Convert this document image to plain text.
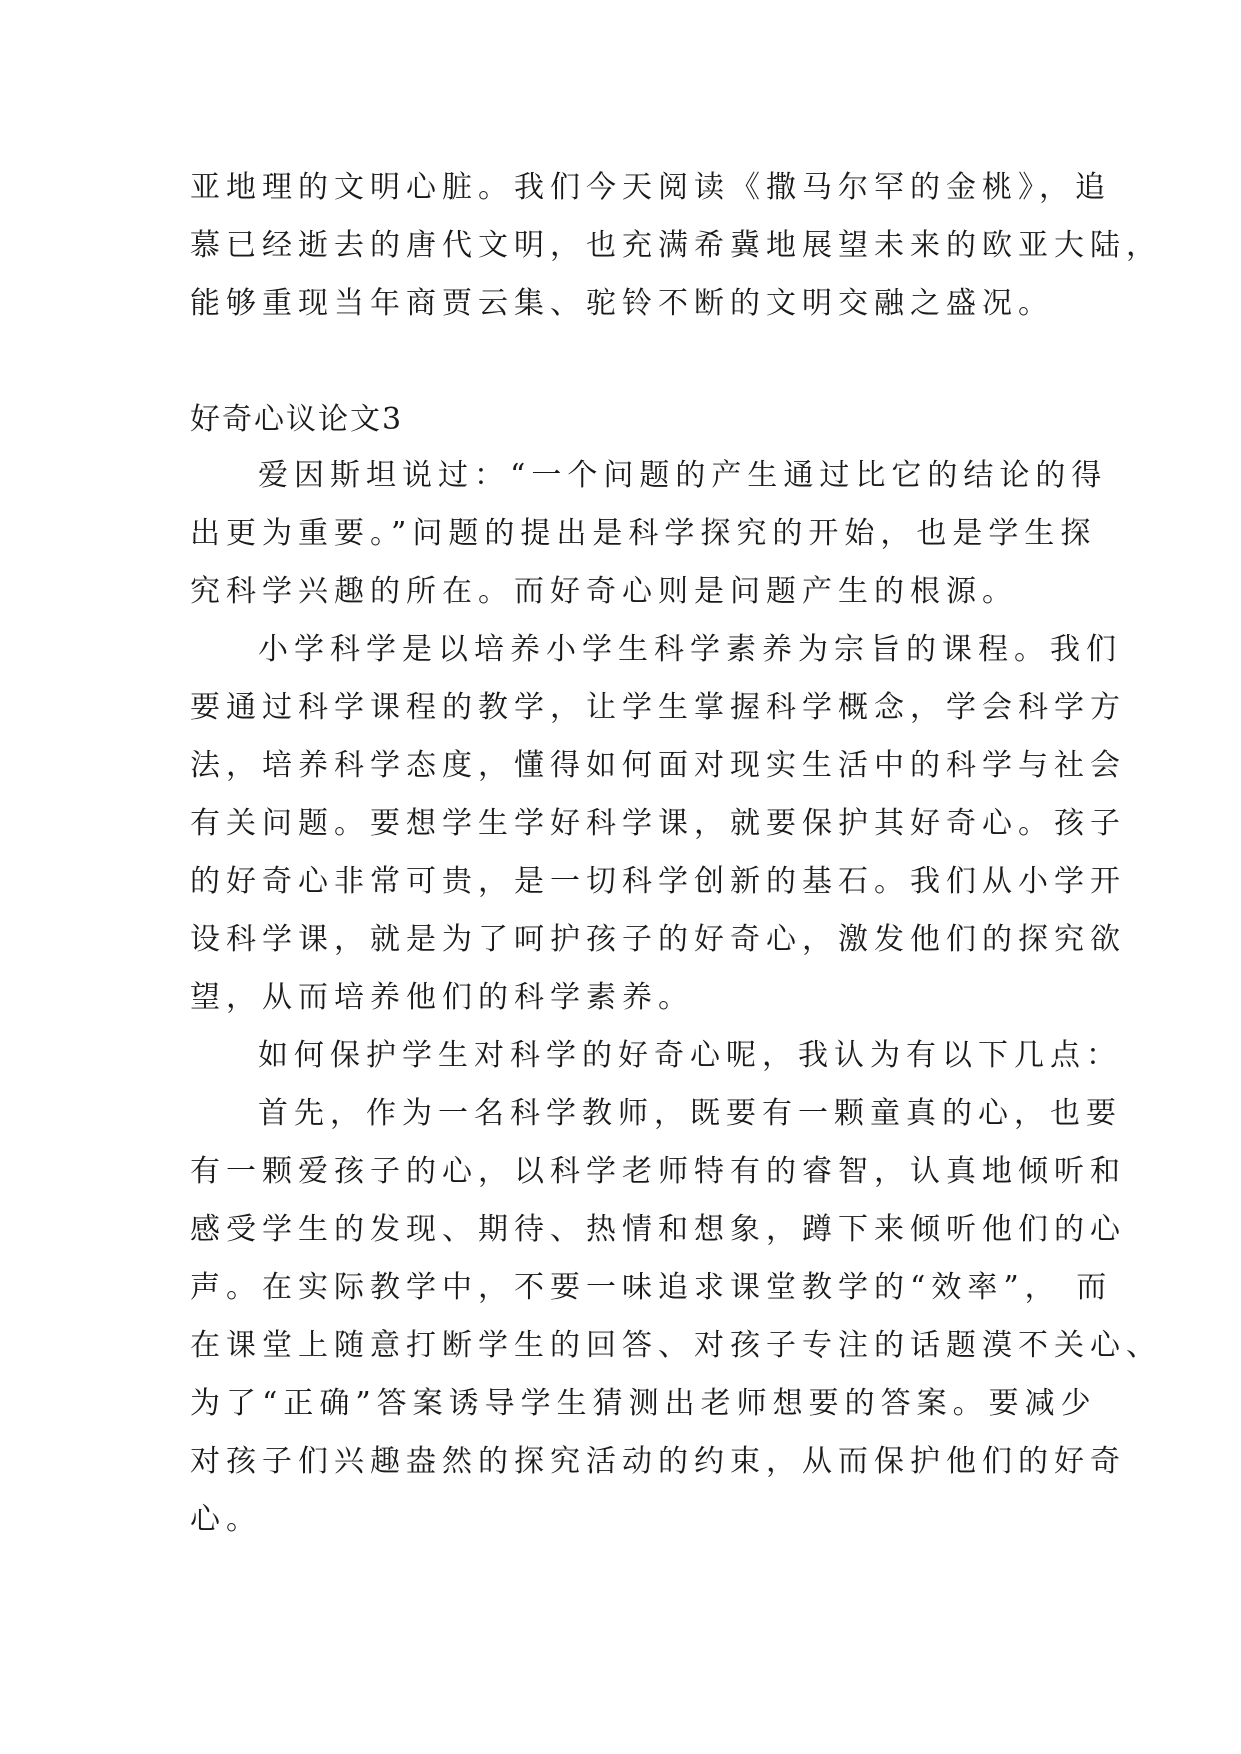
亚地理的文明心脏。我们今天阅读《撒马尔罕的金桃》，追
慕已经逝去的唐代文明，也充满希冀地展望未来的欧亚大陆，
能够重现当年商贾云集、驼铃不断的文明交融之盛况。
好奇心议论文3
爱因斯坦说过：“一个问题的产生通过比它的结论的得
出更为重要。”问题的提出是科学探究的开始，也是学生探
究科学兴趣的所在。而好奇心则是问题产生的根源。
小学科学是以培养小学生科学素养为宗旨的课程。我们
要通过科学课程的教学，让学生掌握科学概念，学会科学方
法，培养科学态度，懂得如何面对现实生活中的科学与社会
有关问题。要想学生学好科学课，就要保护其好奇心。孩子
的好奇心非常可贵，是一切科学创新的基石。我们从小学开
设科学课，就是为了呵护孩子的好奇心，激发他们的探究欲
望，从而培养他们的科学素养。
如何保护学生对科学的好奇心呢，我认为有以下几点：
首先，作为一名科学教师，既要有一颗童真的心，也要
有一颗爱孩子的心，以科学老师特有的睿智，认真地倾听和
感受学生的发现、期待、热情和想象，蹲下来倾听他们的心
声。在实际教学中，不要一味追求课堂教学的“效率”， 而
在课堂上随意打断学生的回答、对孩子专注的话题漠不关心、
为了“正确”答案诱导学生猜测出老师想要的答案。要减少
对孩子们兴趣盎然的探究活动的约束，从而保护他们的好奇
心。
